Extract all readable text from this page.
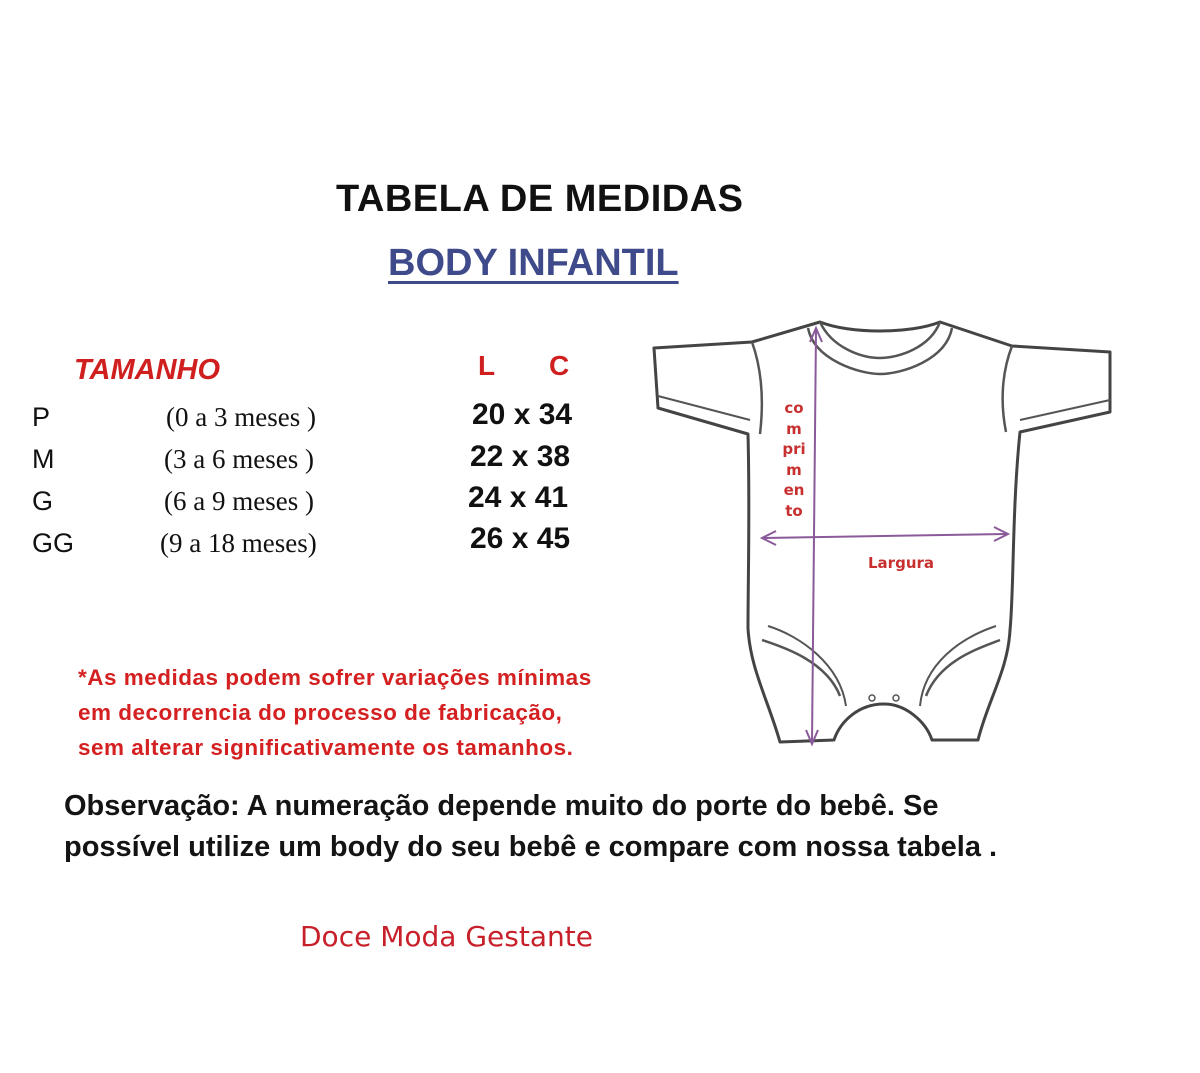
TABELA DE MEDIDAS
BODY INFANTIL
TAMANHO	L C
P	(0 a 3 meses )	20 x 34
M	(3 a 6 meses )	22 x 38
G	(6 a 9 meses )	24 x 41
GG	(9 a 18 meses)	26 x 45
comprimento
Largura
*As medidas podem sofrer variações mínimas
em decorrencia do processo de fabricação,
sem alterar significativamente os tamanhos.
Observação: A numeração depende muito do porte do bebê. Se
possível utilize um body do seu bebê e compare com nossa tabela .
Doce Moda Gestante
